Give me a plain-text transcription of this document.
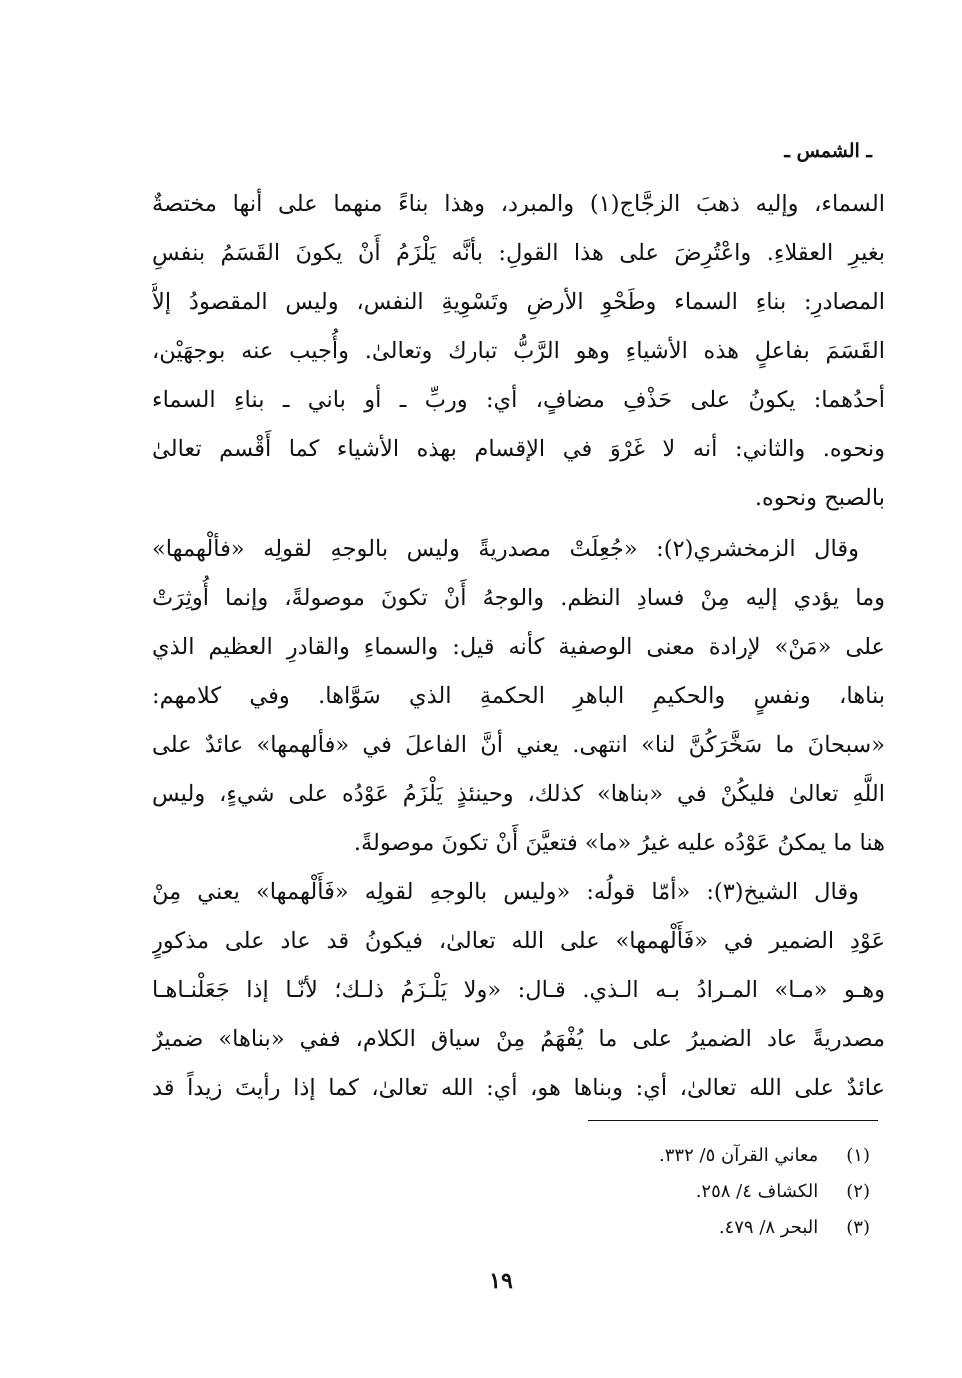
ـ الشمس ـ
السماء، وإليه ذهبَ الزجَّاج(١) والمبرد، وهذا بناءً منهما على أنها مختصةٌ
بغيرِ العقلاءِ. واعْتُرِضَ على هذا القولِ: بأنَّه يَلْزَمُ أَنْ يكونَ القَسَمُ بنفسِ
المصادرِ: بناءِ السماء وطَحْوِ الأرضِ وتَسْوِيةِ النفس، وليس المقصودُ إلاَّ
القَسَمَ بفاعلٍ هذه الأشياءِ وهو الرَّبُّ تبارك وتعالىٰ. وأُجيب عنه بوجهَيْن،
أحدُهما: يكونُ على حَذْفِ مضافٍ، أي: وربِّ ـ أو باني ـ بناءِ السماء
ونحوه. والثاني: أنه لا غَرْوَ في الإقسام بهذه الأشياء كما أَقْسم تعالىٰ
بالصبح ونحوه.
وقال الزمخشري(٢): «جُعِلَتْ مصدريةً وليس بالوجهِ لقولِه «فألْهمها»
وما يؤدي إليه مِنْ فسادِ النظم. والوجهُ أَنْ تكونَ موصولةً، وإنما أُوثِرَتْ
على «مَنْ» لإرادة معنى الوصفية كأنه قيل: والسماءِ والقادرِ العظيم الذي
بناها، ونفسٍ والحكيمِ الباهرِ الحكمةِ الذي سَوَّاها. وفي كلامهم:
«سبحانَ ما سَخَّرَكُنَّ لنا» انتهى. يعني أنَّ الفاعلَ في «فألهمها» عائدٌ على
اللَّهِ تعالىٰ فليكُنْ في «بناها» كذلك، وحينئذٍ يَلْزَمُ عَوْدُه على شيءٍ، وليس
هنا ما يمكنُ عَوْدُه عليه غيرُ «ما» فتعيَّنَ أَنْ تكونَ موصولةً.
وقال الشيخ(٣): «أمّا قولُه: «وليس بالوجهِ لقولِه «فَأَلْهمها» يعني مِنْ
عَوْدِ الضمير في «فَأَلْهمها» على الله تعالىٰ، فيكونُ قد عاد على مذكورٍ
وهـو «مـا» المـرادُ بـه الـذي. قـال: «ولا يَلْـزَمُ ذلـك؛ لأنّـا إذا جَعَلْنـاهـا
مصدريةً عاد الضميرُ على ما يُفْهَمُ مِنْ سياق الكلام، ففي «بناها» ضميرٌ
عائدٌ على الله تعالىٰ، أي: وبناها هو، أي: الله تعالىٰ، كما إذا رأيتَ زيداً قد
(١) معاني القرآن ٥/ ٣٣٢.
(٢) الكشاف ٤/ ٢٥٨.
(٣) البحر ٨/ ٤٧٩.
١٩
